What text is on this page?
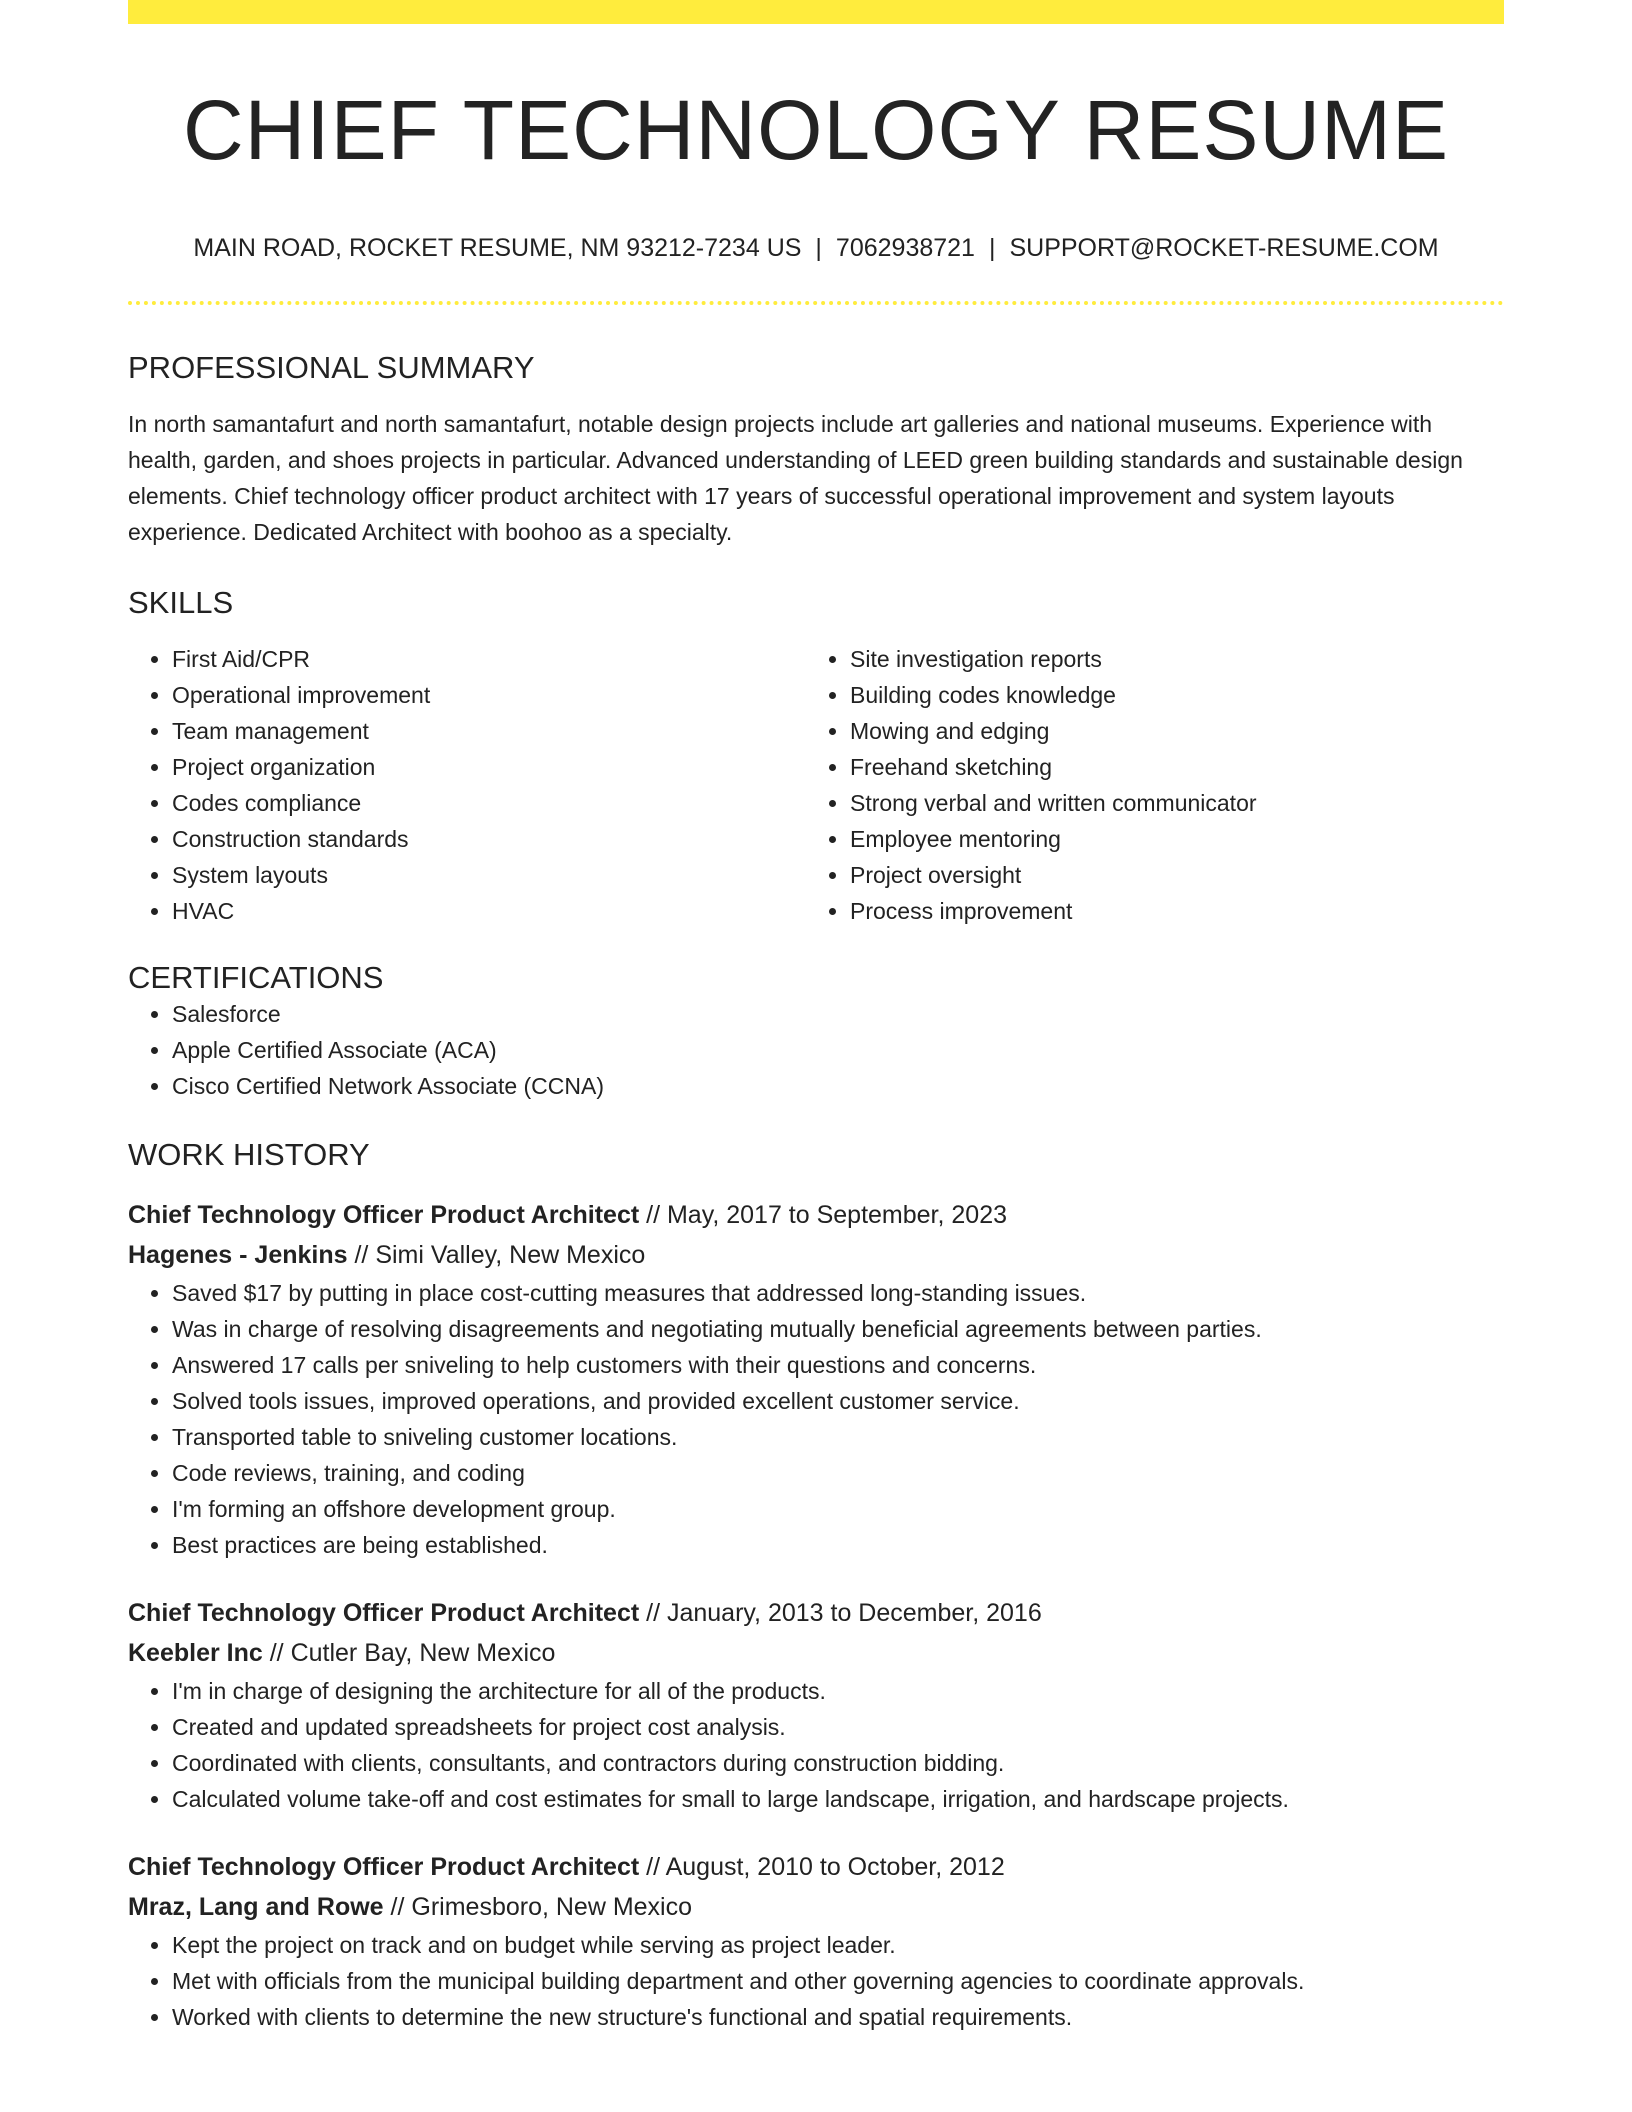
CHIEF TECHNOLOGY RESUME
MAIN ROAD, ROCKET RESUME, NM 93212-7234 US | 7062938721 | SUPPORT@ROCKET-RESUME.COM
PROFESSIONAL SUMMARY
In north samantafurt and north samantafurt, notable design projects include art galleries and national museums. Experience with health, garden, and shoes projects in particular. Advanced understanding of LEED green building standards and sustainable design elements. Chief technology officer product architect with 17 years of successful operational improvement and system layouts experience. Dedicated Architect with boohoo as a specialty.
SKILLS
• First Aid/CPR
• Operational improvement
• Team management
• Project organization
• Codes compliance
• Construction standards
• System layouts
• HVAC
• Site investigation reports
• Building codes knowledge
• Mowing and edging
• Freehand sketching
• Strong verbal and written communicator
• Employee mentoring
• Project oversight
• Process improvement
CERTIFICATIONS
• Salesforce
• Apple Certified Associate (ACA)
• Cisco Certified Network Associate (CCNA)
WORK HISTORY
Chief Technology Officer Product Architect // May, 2017 to September, 2023
Hagenes - Jenkins // Simi Valley, New Mexico
• Saved $17 by putting in place cost-cutting measures that addressed long-standing issues.
• Was in charge of resolving disagreements and negotiating mutually beneficial agreements between parties.
• Answered 17 calls per sniveling to help customers with their questions and concerns.
• Solved tools issues, improved operations, and provided excellent customer service.
• Transported table to sniveling customer locations.
• Code reviews, training, and coding
• I'm forming an offshore development group.
• Best practices are being established.
Chief Technology Officer Product Architect // January, 2013 to December, 2016
Keebler Inc // Cutler Bay, New Mexico
• I'm in charge of designing the architecture for all of the products.
• Created and updated spreadsheets for project cost analysis.
• Coordinated with clients, consultants, and contractors during construction bidding.
• Calculated volume take-off and cost estimates for small to large landscape, irrigation, and hardscape projects.
Chief Technology Officer Product Architect // August, 2010 to October, 2012
Mraz, Lang and Rowe // Grimesboro, New Mexico
• Kept the project on track and on budget while serving as project leader.
• Met with officials from the municipal building department and other governing agencies to coordinate approvals.
• Worked with clients to determine the new structure's functional and spatial requirements.
